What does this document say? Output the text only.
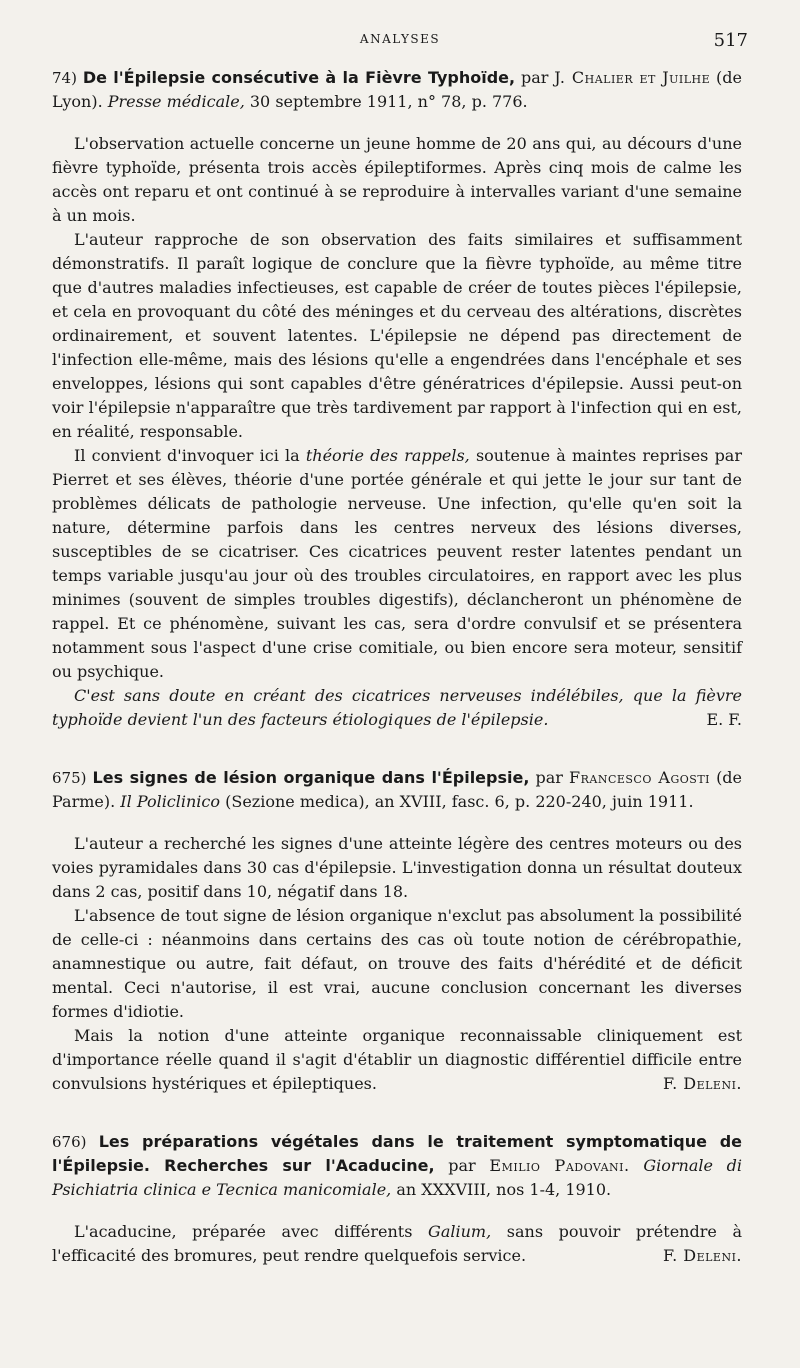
ANALYSES	517

74) De l'Épilepsie consécutive à la Fièvre Typhoïde, par J. Chalier et Juilhe (de Lyon). Presse médicale, 30 septembre 1911, n° 78, p. 776.

L'observation actuelle concerne un jeune homme de 20 ans qui, au décours d'une fièvre typhoïde, présenta trois accès épileptiformes. Après cinq mois de calme les accès ont reparu et ont continué à se reproduire à intervalles variant d'une semaine à un mois.

L'auteur rapproche de son observation des faits similaires et suffisamment démonstratifs. Il paraît logique de conclure que la fièvre typhoïde, au même titre que d'autres maladies infectieuses, est capable de créer de toutes pièces l'épilepsie, et cela en provoquant du côté des méninges et du cerveau des altérations, discrètes ordinairement, et souvent latentes. L'épilepsie ne dépend pas directement de l'infection elle-même, mais des lésions qu'elle a engendrées dans l'encéphale et ses enveloppes, lésions qui sont capables d'être génératrices d'épilepsie. Aussi peut-on voir l'épilepsie n'apparaître que très tardivement par rapport à l'infection qui en est, en réalité, responsable.

Il convient d'invoquer ici la théorie des rappels, soutenue à maintes reprises par Pierret et ses élèves, théorie d'une portée générale et qui jette le jour sur tant de problèmes délicats de pathologie nerveuse. Une infection, qu'elle qu'en soit la nature, détermine parfois dans les centres nerveux des lésions diverses, susceptibles de se cicatriser. Ces cicatrices peuvent rester latentes pendant un temps variable jusqu'au jour où des troubles circulatoires, en rapport avec les plus minimes (souvent de simples troubles digestifs), déclancheront un phénomène de rappel. Et ce phénomène, suivant les cas, sera d'ordre convulsif et se présentera notamment sous l'aspect d'une crise comitiale, ou bien encore sera moteur, sensitif ou psychique.

C'est sans doute en créant des cicatrices nerveuses indélébiles, que la fièvre typhoïde devient l'un des facteurs étiologiques de l'épilepsie.	E. F.

675) Les signes de lésion organique dans l'Épilepsie, par Francesco Agosti (de Parme). Il Policlinico (Sezione medica), an XVIII, fasc. 6, p. 220-240, juin 1911.

L'auteur a recherché les signes d'une atteinte légère des centres moteurs ou des voies pyramidales dans 30 cas d'épilepsie. L'investigation donna un résultat douteux dans 2 cas, positif dans 10, négatif dans 18.

L'absence de tout signe de lésion organique n'exclut pas absolument la possibilité de celle-ci : néanmoins dans certains des cas où toute notion de cérébropathie, anamnestique ou autre, fait défaut, on trouve des faits d'hérédité et de déficit mental. Ceci n'autorise, il est vrai, aucune conclusion concernant les diverses formes d'idiotie.

Mais la notion d'une atteinte organique reconnaissable cliniquement est d'importance réelle quand il s'agit d'établir un diagnostic différentiel difficile entre convulsions hystériques et épileptiques.	F. Deleni.

676) Les préparations végétales dans le traitement symptomatique de l'Épilepsie. Recherches sur l'Acaducine, par Emilio Padovani. Giornale di Psichiatria clinica e Tecnica manicomiale, an XXXVIII, nos 1-4, 1910.

L'acaducine, préparée avec différents Galium, sans pouvoir prétendre à l'efficacité des bromures, peut rendre quelquefois service.	F. Deleni.
